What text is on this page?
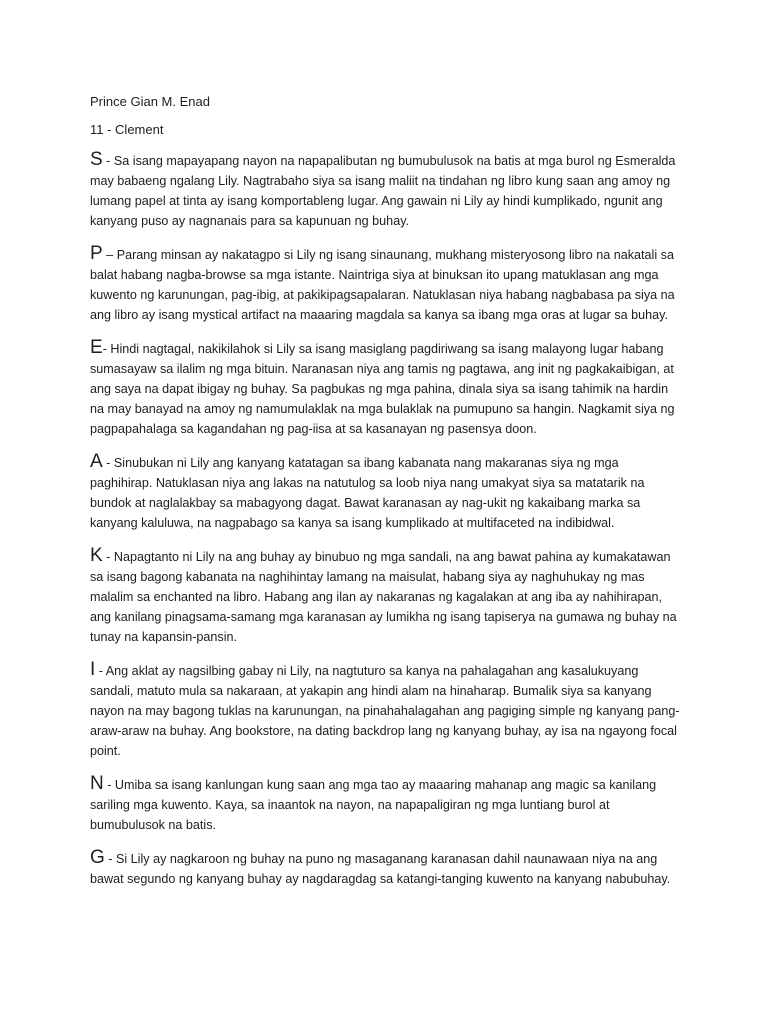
Prince Gian M. Enad

11 - Clement

S - Sa isang mapayapang nayon na napapalibutan ng bumubulusok na batis at mga burol ng Esmeralda may babaeng ngalang Lily. Nagtrabaho siya sa isang maliit na tindahan ng libro kung saan ang amoy ng lumang papel at tinta ay isang komportableng lugar. Ang gawain ni Lily ay hindi kumplikado, ngunit ang kanyang puso ay nagnanais para sa kapunuan ng buhay.

P – Parang minsan ay nakatagpo si Lily ng isang sinaunang, mukhang misteryosong libro na nakatali sa balat habang nagba-browse sa mga istante. Naintriga siya at binuksan ito upang matuklasan ang mga kuwento ng karunungan, pag-ibig, at pakikipagsapalaran. Natuklasan niya habang nagbabasa pa siya na ang libro ay isang mystical artifact na maaaring magdala sa kanya sa ibang mga oras at lugar sa buhay.

E- Hindi nagtagal, nakikilahok si Lily sa isang masiglang pagdiriwang sa isang malayong lugar habang sumasayaw sa ilalim ng mga bituin. Naranasan niya ang tamis ng pagtawa, ang init ng pagkakaibigan, at ang saya na dapat ibigay ng buhay. Sa pagbukas ng mga pahina, dinala siya sa isang tahimik na hardin na may banayad na amoy ng namumulaklak na mga bulaklak na pumupuno sa hangin. Nagkamit siya ng pagpapahalaga sa kagandahan ng pag-iisa at sa kasanayan ng pasensya doon.

A - Sinubukan ni Lily ang kanyang katatagan sa ibang kabanata nang makaranas siya ng mga paghihirap. Natuklasan niya ang lakas na natutulog sa loob niya nang umakyat siya sa matatarik na bundok at naglalakbay sa mabagyong dagat. Bawat karanasan ay nag-ukit ng kakaibang marka sa kanyang kaluluwa, na nagpabago sa kanya sa isang kumplikado at multifaceted na indibidwal.

K - Napagtanto ni Lily na ang buhay ay binubuo ng mga sandali, na ang bawat pahina ay kumakatawan sa isang bagong kabanata na naghihintay lamang na maisulat, habang siya ay naghuhukay ng mas malalim sa enchanted na libro. Habang ang ilan ay nakaranas ng kagalakan at ang iba ay nahihirapan, ang kanilang pinagsama-samang mga karanasan ay lumikha ng isang tapiserya na gumawa ng buhay na tunay na kapansin-pansin.

I - Ang aklat ay nagsilbing gabay ni Lily, na nagtuturo sa kanya na pahalagahan ang kasalukuyang sandali, matuto mula sa nakaraan, at yakapin ang hindi alam na hinaharap. Bumalik siya sa kanyang nayon na may bagong tuklas na karunungan, na pinahahalagahan ang pagiging simple ng kanyang pang-araw-araw na buhay. Ang bookstore, na dating backdrop lang ng kanyang buhay, ay isa na ngayong focal point.

N - Umiba sa isang kanlungan kung saan ang mga tao ay maaaring mahanap ang magic sa kanilang sariling mga kuwento. Kaya, sa inaantok na nayon, na napapaligiran ng mga luntiang burol at bumubulusok na batis.

G - Si Lily ay nagkaroon ng buhay na puno ng masaganang karanasan dahil naunawaan niya na ang bawat segundo ng kanyang buhay ay nagdaragdag sa katangi-tanging kuwento na kanyang nabubuhay.
